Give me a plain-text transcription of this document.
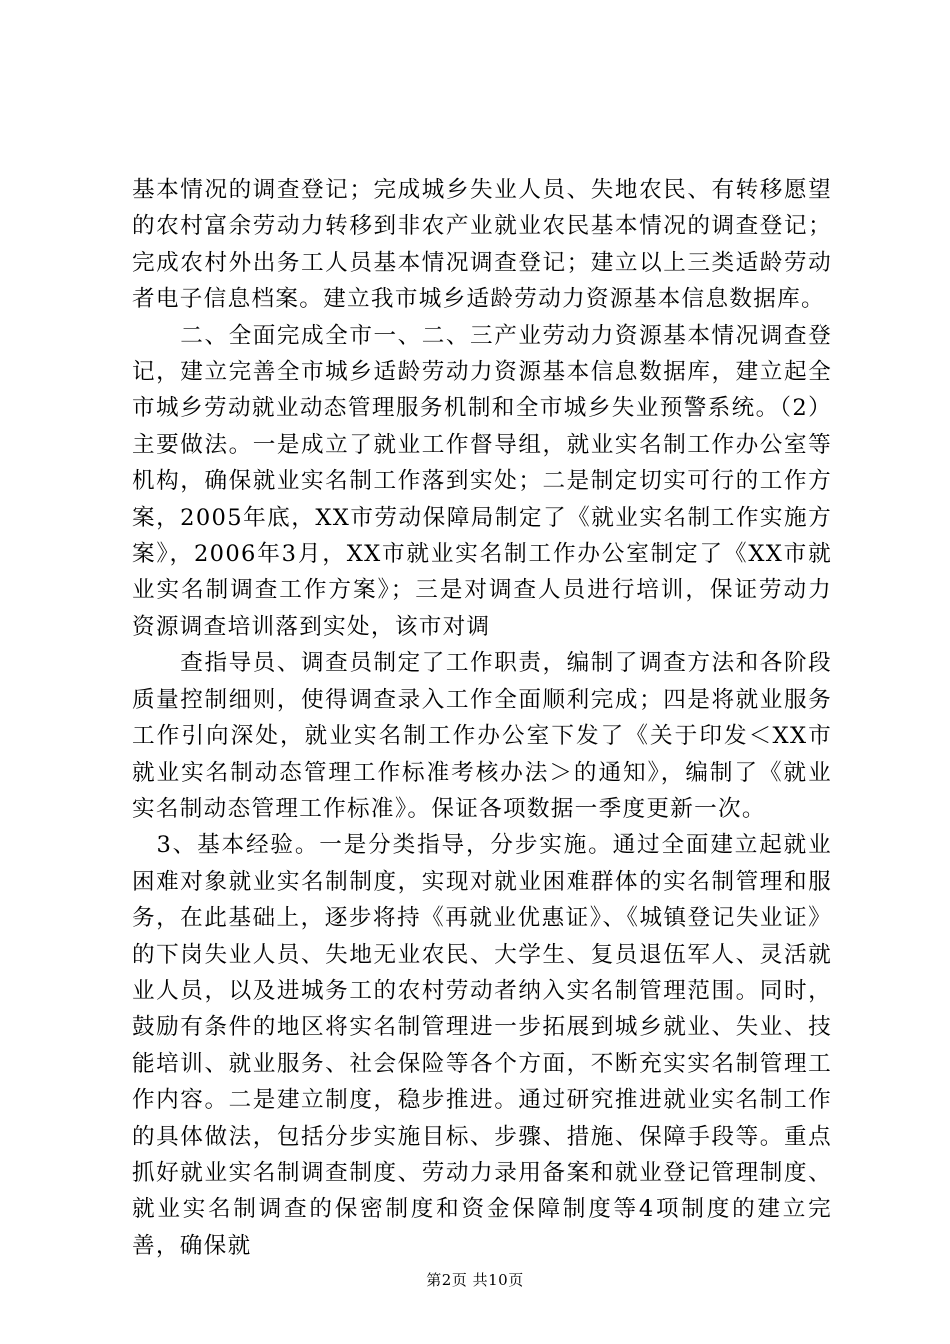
基本情况的调查登记；完成城乡失业人员、失地农民、有转移愿望的农村富余劳动力转移到非农产业就业农民基本情况的调查登记；完成农村外出务工人员基本情况调查登记；建立以上三类适龄劳动者电子信息档案。建立我市城乡适龄劳动力资源基本信息数据库。

　　二、全面完成全市一、二、三产业劳动力资源基本情况调查登记，建立完善全市城乡适龄劳动力资源基本信息数据库，建立起全市城乡劳动就业动态管理服务机制和全市城乡失业预警系统。（2）主要做法。一是成立了就业工作督导组，就业实名制工作办公室等机构，确保就业实名制工作落到实处；二是制定切实可行的工作方案，2005年底，XX市劳动保障局制定了《就业实名制工作实施方案》，2006年3月，XX市就业实名制工作办公室制定了《XX市就业实名制调查工作方案》；三是对调查人员进行培训，保证劳动力资源调查培训落到实处，该市对调

　　查指导员、调查员制定了工作职责，编制了调查方法和各阶段质量控制细则，使得调查录入工作全面顺利完成；四是将就业服务工作引向深处，就业实名制工作办公室下发了《关于印发＜XX市就业实名制动态管理工作标准考核办法＞的通知》，编制了《就业实名制动态管理工作标准》。保证各项数据一季度更新一次。

　3、基本经验。一是分类指导，分步实施。通过全面建立起就业困难对象就业实名制制度，实现对就业困难群体的实名制管理和服务，在此基础上，逐步将持《再就业优惠证》、《城镇登记失业证》的下岗失业人员、失地无业农民、大学生、复员退伍军人、灵活就业人员，以及进城务工的农村劳动者纳入实名制管理范围。同时，鼓励有条件的地区将实名制管理进一步拓展到城乡就业、失业、技能培训、就业服务、社会保险等各个方面，不断充实实名制管理工作内容。二是建立制度，稳步推进。通过研究推进就业实名制工作的具体做法，包括分步实施目标、步骤、措施、保障手段等。重点抓好就业实名制调查制度、劳动力录用备案和就业登记管理制度、就业实名制调查的保密制度和资金保障制度等4项制度的建立完善，确保就

第2页 共10页
